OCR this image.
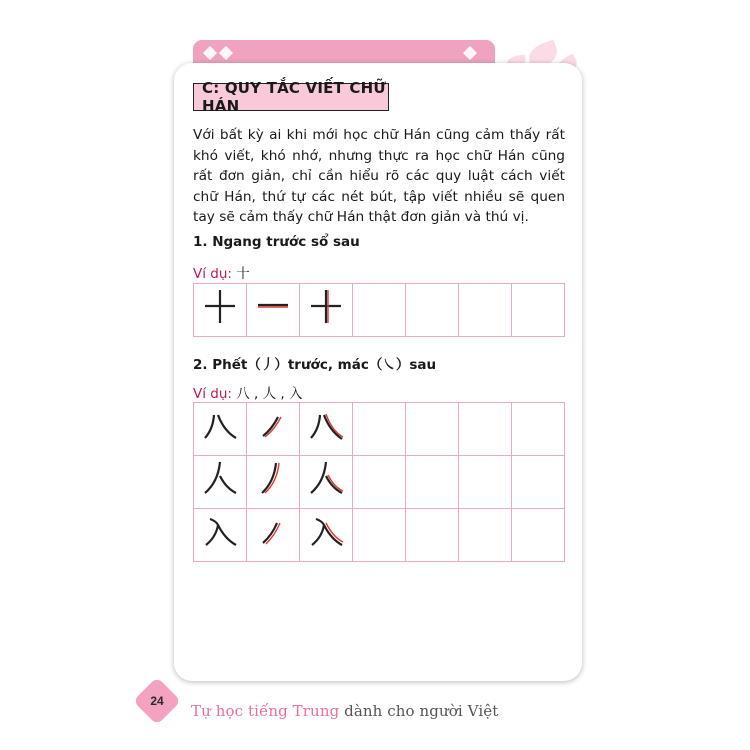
C: QUY TẮC VIẾT CHỮ HÁN
Với bất kỳ ai khi mới học chữ Hán cũng cảm thấy rất khó viết, khó nhớ, nhưng thực ra học chữ Hán cũng rất đơn giản, chỉ cần hiểu rõ các quy luật cách viết chữ Hán, thứ tự các nét bút, tập viết nhiều sẽ quen tay sẽ cảm thấy chữ Hán thật đơn giản và thú vị.
1. Ngang trước sổ sau
Ví dụ: 十

2. Phết（丿）trước, mác（㇏）sau
Ví dụ: 八 , 人 , 入

24
Tự học tiếng Trung dành cho người Việt
